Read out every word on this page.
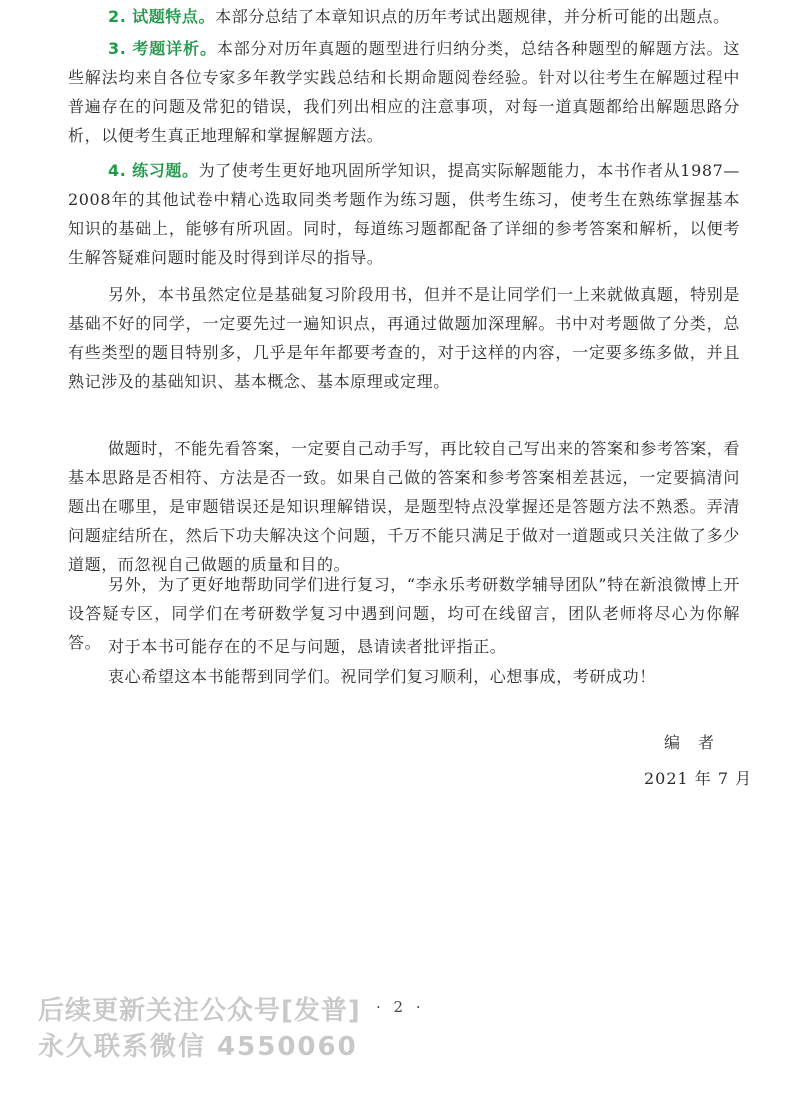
2. 试题特点。本部分总结了本章知识点的历年考试出题规律，并分析可能的出题点。

3. 考题详析。本部分对历年真题的题型进行归纳分类，总结各种题型的解题方法。这些解法均来自各位专家多年教学实践总结和长期命题阅卷经验。针对以往考生在解题过程中普遍存在的问题及常犯的错误，我们列出相应的注意事项，对每一道真题都给出解题思路分析，以便考生真正地理解和掌握解题方法。

4. 练习题。为了使考生更好地巩固所学知识，提高实际解题能力，本书作者从1987—2008年的其他试卷中精心选取同类考题作为练习题，供考生练习，使考生在熟练掌握基本知识的基础上，能够有所巩固。同时，每道练习题都配备了详细的参考答案和解析，以便考生解答疑难问题时能及时得到详尽的指导。

另外，本书虽然定位是基础复习阶段用书，但并不是让同学们一上来就做真题，特别是基础不好的同学，一定要先过一遍知识点，再通过做题加深理解。书中对考题做了分类，总有些类型的题目特别多，几乎是年年都要考查的，对于这样的内容，一定要多练多做，并且熟记涉及的基础知识、基本概念、基本原理或定理。

做题时，不能先看答案，一定要自己动手写，再比较自己写出来的答案和参考答案，看基本思路是否相符、方法是否一致。如果自己做的答案和参考答案相差甚远，一定要搞清问题出在哪里，是审题错误还是知识理解错误，是题型特点没掌握还是答题方法不熟悉。弄清问题症结所在，然后下功夫解决这个问题，千万不能只满足于做对一道题或只关注做了多少道题，而忽视自己做题的质量和目的。

另外，为了更好地帮助同学们进行复习，“李永乐考研数学辅导团队”特在新浪微博上开设答疑专区，同学们在考研数学复习中遇到问题，均可在线留言，团队老师将尽心为你解答。 对于本书可能存在的不足与问题，恳请读者批评指正。

衷心希望这本书能帮到同学们。祝同学们复习顺利，心想事成，考研成功！

编　者
2021 年 7 月
· 2 ·
后续更新关注公众号[发普]
永久联系微信 4550060
